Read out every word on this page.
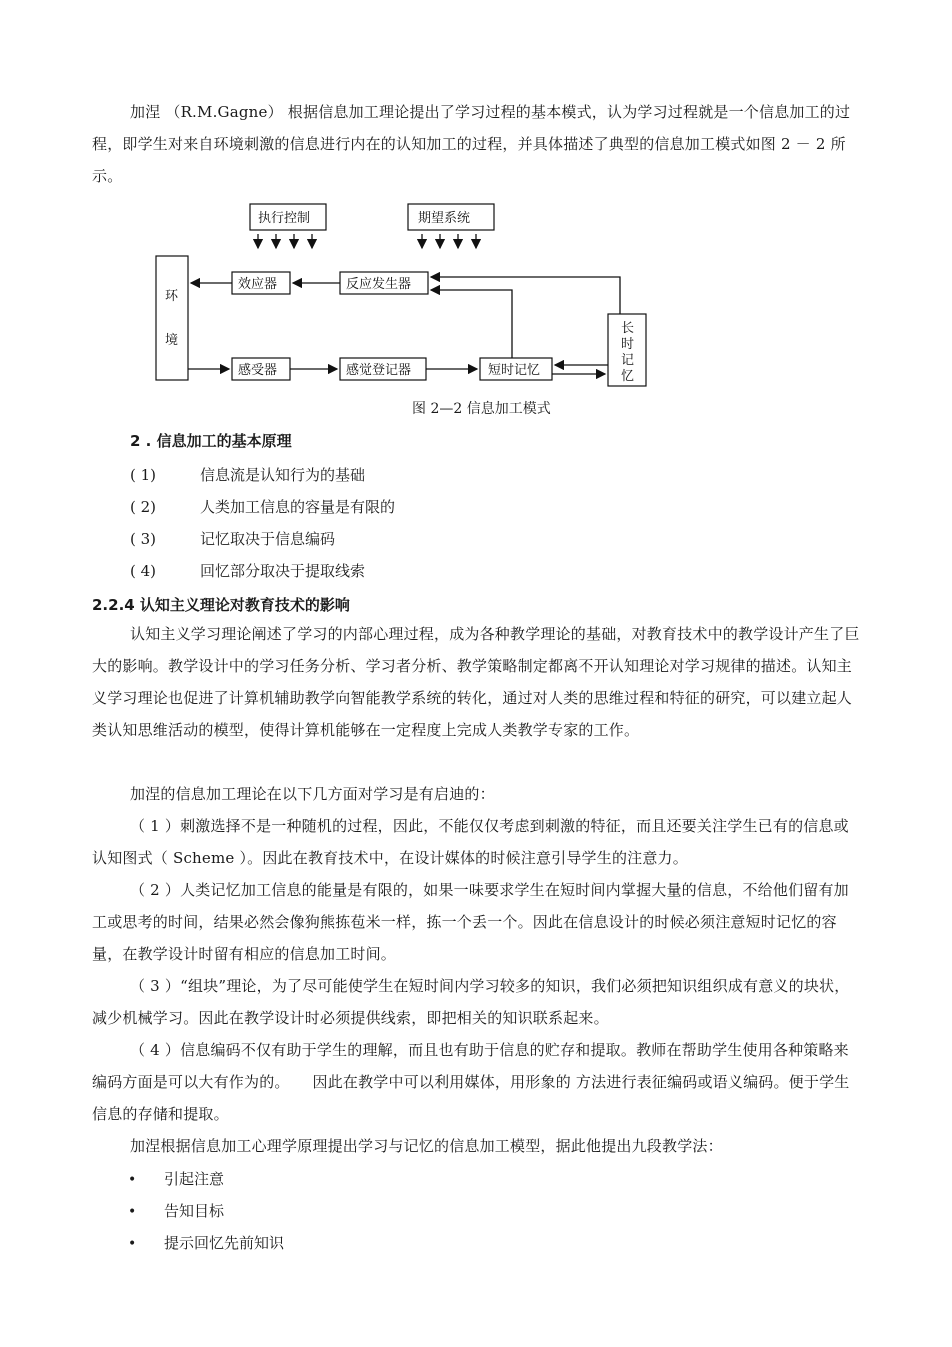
加涅 （R.M.Gagne） 根据信息加工理论提出了学习过程的基本模式，认为学习过程就是一个信息加工的过程，即学生对来自环境刺激的信息进行内在的认知加工的过程，并具体描述了典型的信息加工模式如图 2 － 2 所示。

执行控制	期望系统
环
境
效应器	反应发生器
感受器	感觉登记器	短时记忆
长
时
记
忆
图 2—2 信息加工模式
2 . 信息加工的基本原理
( 1)	信息流是认知行为的基础
( 2)	人类加工信息的容量是有限的
( 3)	记忆取决于信息编码
( 4)	回忆部分取决于提取线索
2.2.4 认知主义理论对教育技术的影响

认知主义学习理论阐述了学习的内部心理过程，成为各种教学理论的基础，对教育技术中的教学设计产生了巨大的影响。教学设计中的学习任务分析、学习者分析、教学策略制定都离不开认知理论对学习规律的描述。认知主义学习理论也促进了计算机辅助教学向智能教学系统的转化，通过对人类的思维过程和特征的研究，可以建立起人类认知思维活动的模型，使得计算机能够在一定程度上完成人类教学专家的工作。

加涅的信息加工理论在以下几方面对学习是有启迪的：

（ 1 ）刺激选择不是一种随机的过程，因此，不能仅仅考虑到刺激的特征，而且还要关注学生已有的信息或认知图式（ Scheme ）。因此在教育技术中，在设计媒体的时候注意引导学生的注意力。

（ 2 ）人类记忆加工信息的能量是有限的，如果一味要求学生在短时间内掌握大量的信息，不给他们留有加工或思考的时间，结果必然会像狗熊拣苞米一样，拣一个丢一个。因此在信息设计的时候必须注意短时记忆的容量，在教学设计时留有相应的信息加工时间。

（ 3 ）“组块”理论，为了尽可能使学生在短时间内学习较多的知识，我们必须把知识组织成有意义的块状，减少机械学习。因此在教学设计时必须提供线索，即把相关的知识联系起来。

（ 4 ）信息编码不仅有助于学生的理解，而且也有助于信息的贮存和提取。教师在帮助学生使用各种策略来编码方面是可以大有作为的。　　因此在教学中可以利用媒体，用形象的 方法进行表征编码或语义编码。便于学生信息的存储和提取。

加涅根据信息加工心理学原理提出学习与记忆的信息加工模型，据此他提出九段教学法：

• 引起注意
• 告知目标
• 提示回忆先前知识
